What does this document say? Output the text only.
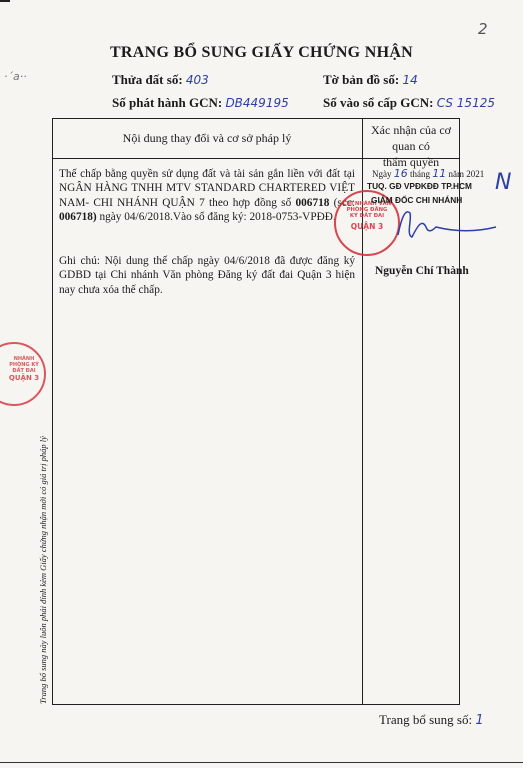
2
·´a··
TRANG BỔ SUNG GIẤY CHỨNG NHẬN
Thửa đất số: 403	Tờ bản đồ số: 14
Số phát hành GCN: DB449195	Số vào sổ cấp GCN: CS 15125
Nội dung thay đổi và cơ sở pháp lý
Xác nhận của cơ quan có
thẩm quyền
Thế chấp bằng quyền sử dụng đất và tài sản gắn liền với đất tại NGÂN HÀNG TNHH MTV STANDARD CHARTERED VIỆT NAM- CHI NHÁNH QUẬN 7 theo hợp đồng số 006718 (scc: 006718) ngày 04/6/2018.Vào sổ đăng ký: 2018-0753-VPĐĐ.
Ghi chú: Nội dung thế chấp ngày 04/6/2018 đã được đăng ký GDBD tại Chi nhánh Văn phòng Đăng ký đất đai Quận 3 hiện nay chưa xóa thế chấp.
CHI NHÁNH VĂN PHÒNG ĐĂNG KÝ ĐẤT ĐAI
QUẬN 3
Ngày 16 tháng 11 năm 2021
TUQ. GĐ VPĐKĐĐ TP.HCM
GIÁM ĐỐC CHI NHÁNH
N
Nguyễn Chí Thành
NHÁNH PHÒNG KÝ ĐẤT ĐAI
QUẬN 3
Trang bổ sung này luôn phải đính kèm Giấy chứng nhận mới có giá trị pháp lý
Trang bổ sung số: 1
